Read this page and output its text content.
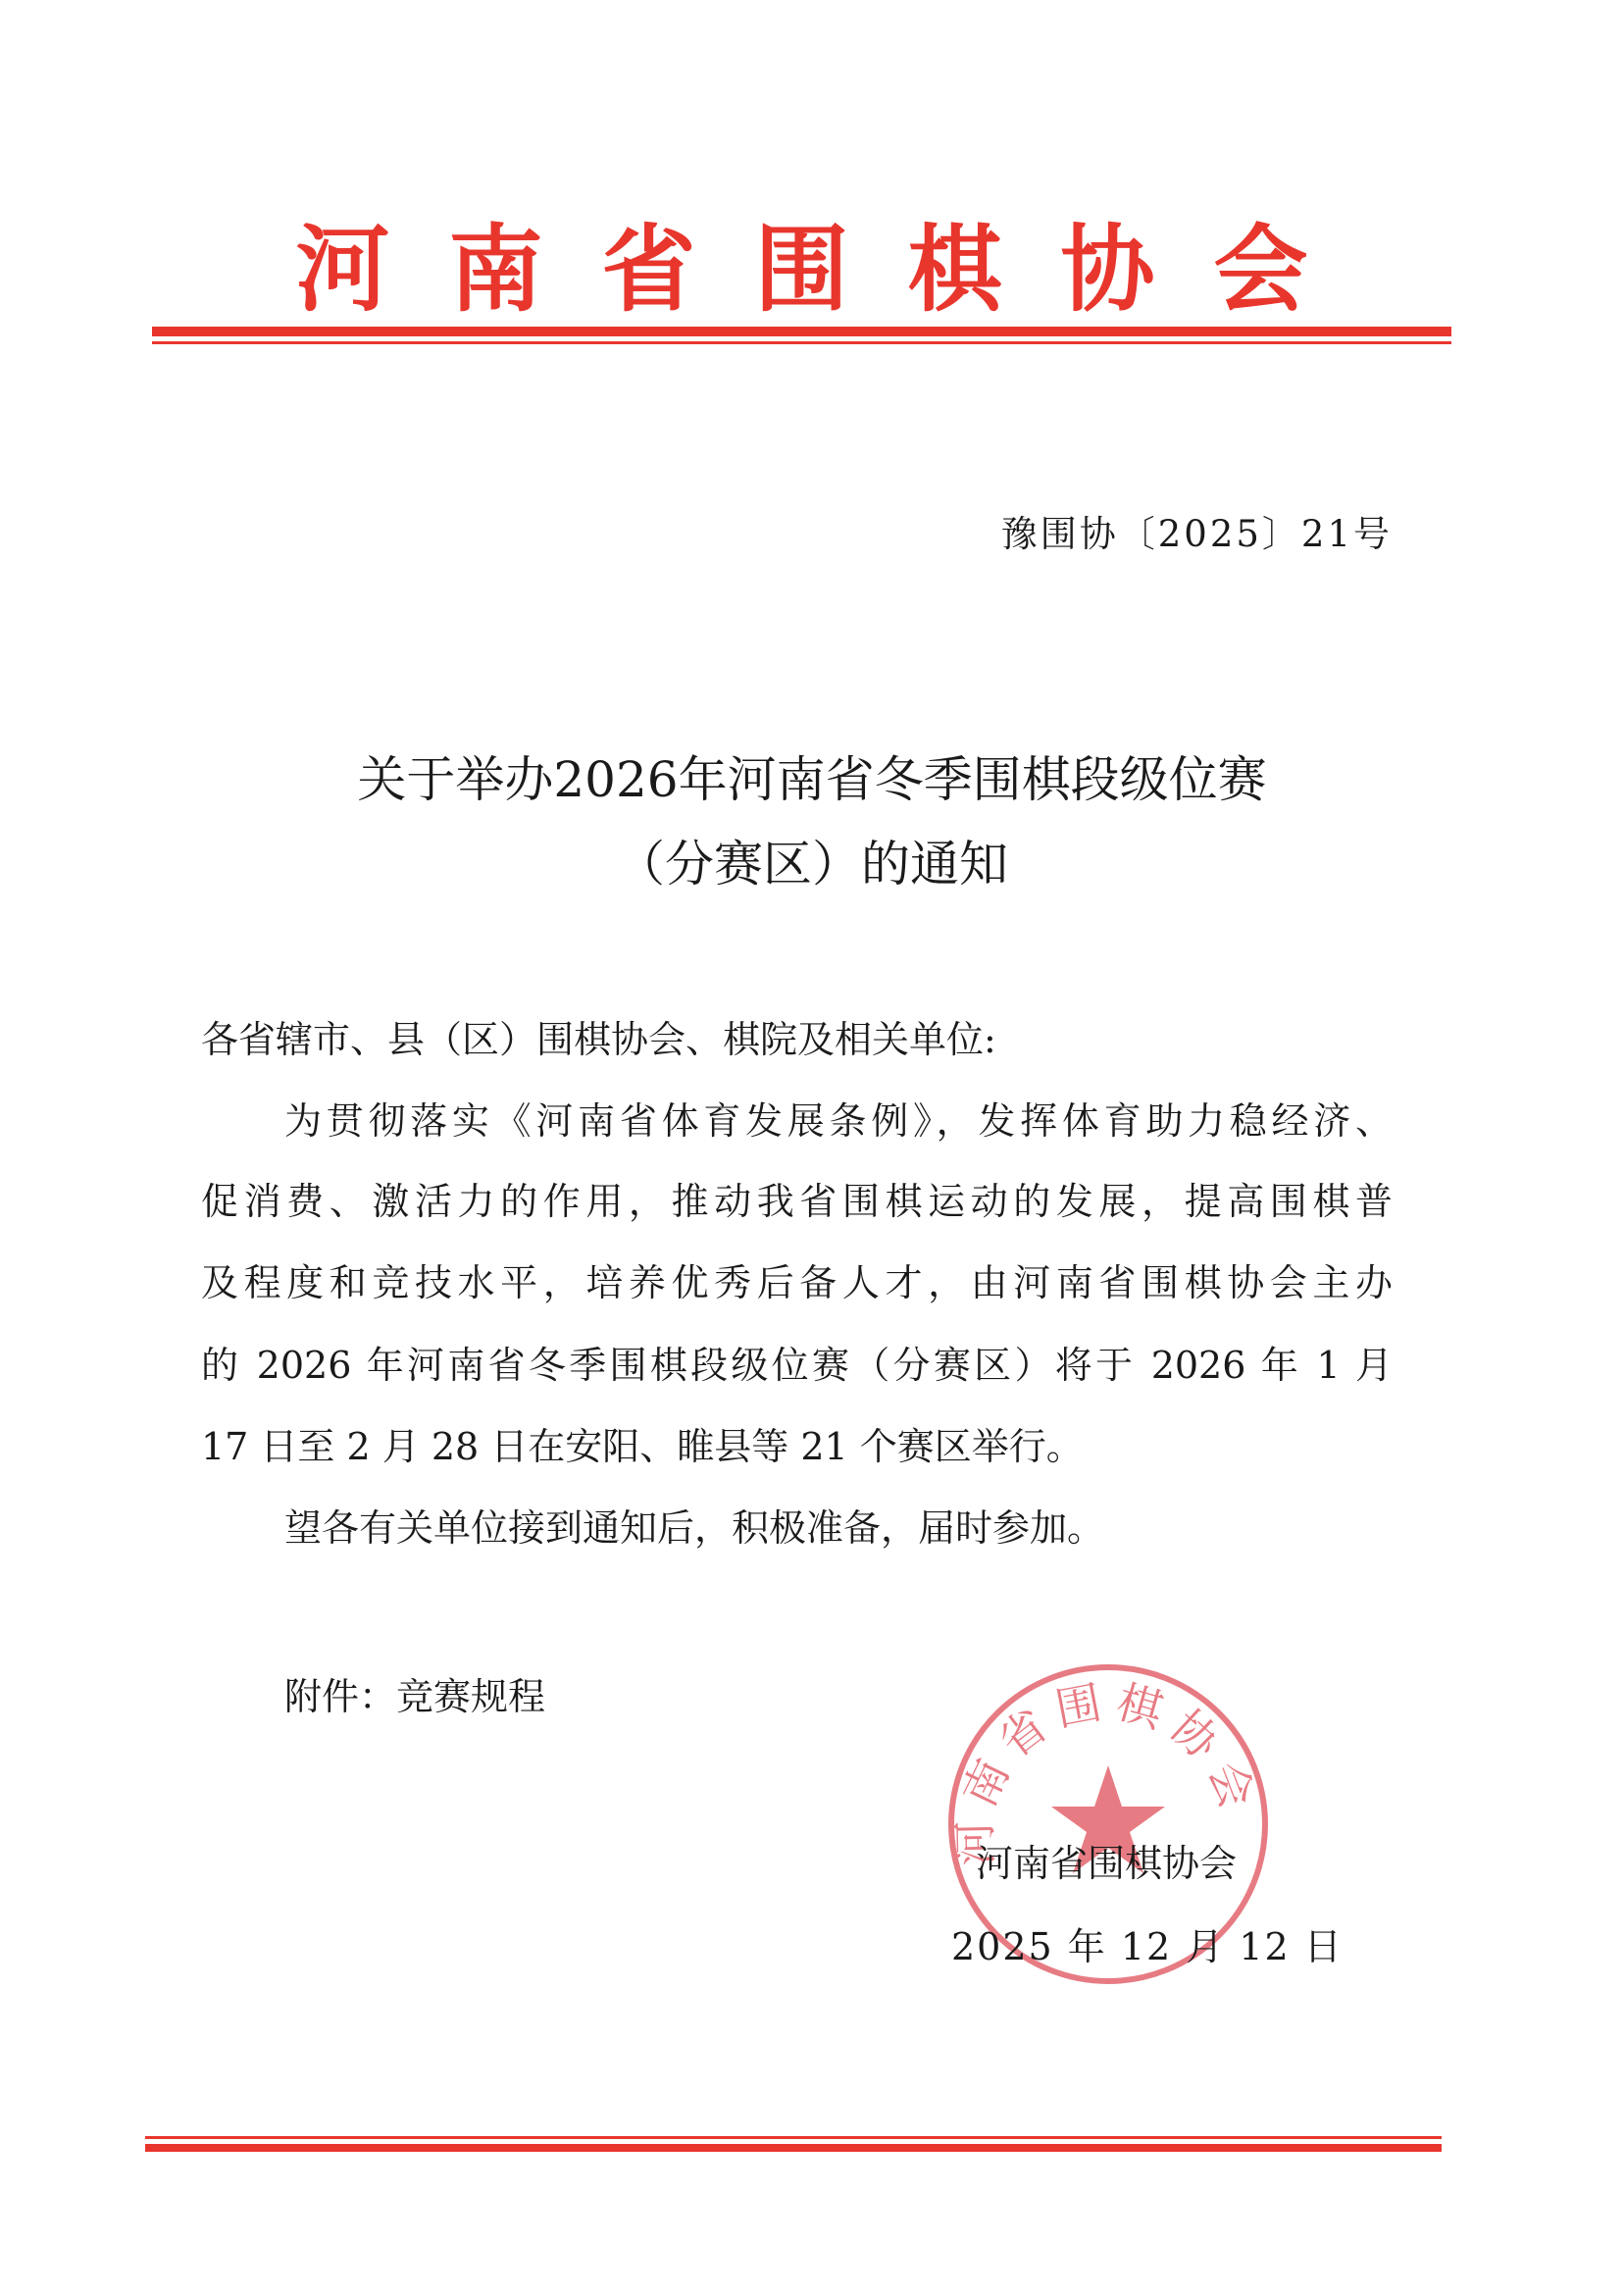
河南省围棋协会
豫围协〔2025〕21号
关于举办2026年河南省冬季围棋段级位赛
（分赛区）的通知
各省辖市、县（区）围棋协会、棋院及相关单位:
为贯彻落实《河南省体育发展条例》，发挥体育助力稳经济、
促消费、激活力的作用，推动我省围棋运动的发展，提高围棋普
及程度和竞技水平，培养优秀后备人才，由河南省围棋协会主办
的 2026 年河南省冬季围棋段级位赛（分赛区）将于 2026 年 1 月
17 日至 2 月 28 日在安阳、睢县等 21 个赛区举行。
望各有关单位接到通知后，积极准备，届时参加。
附件：竞赛规程
河南省围棋协会
河南省围棋协会
2025 年 12 月 12 日
